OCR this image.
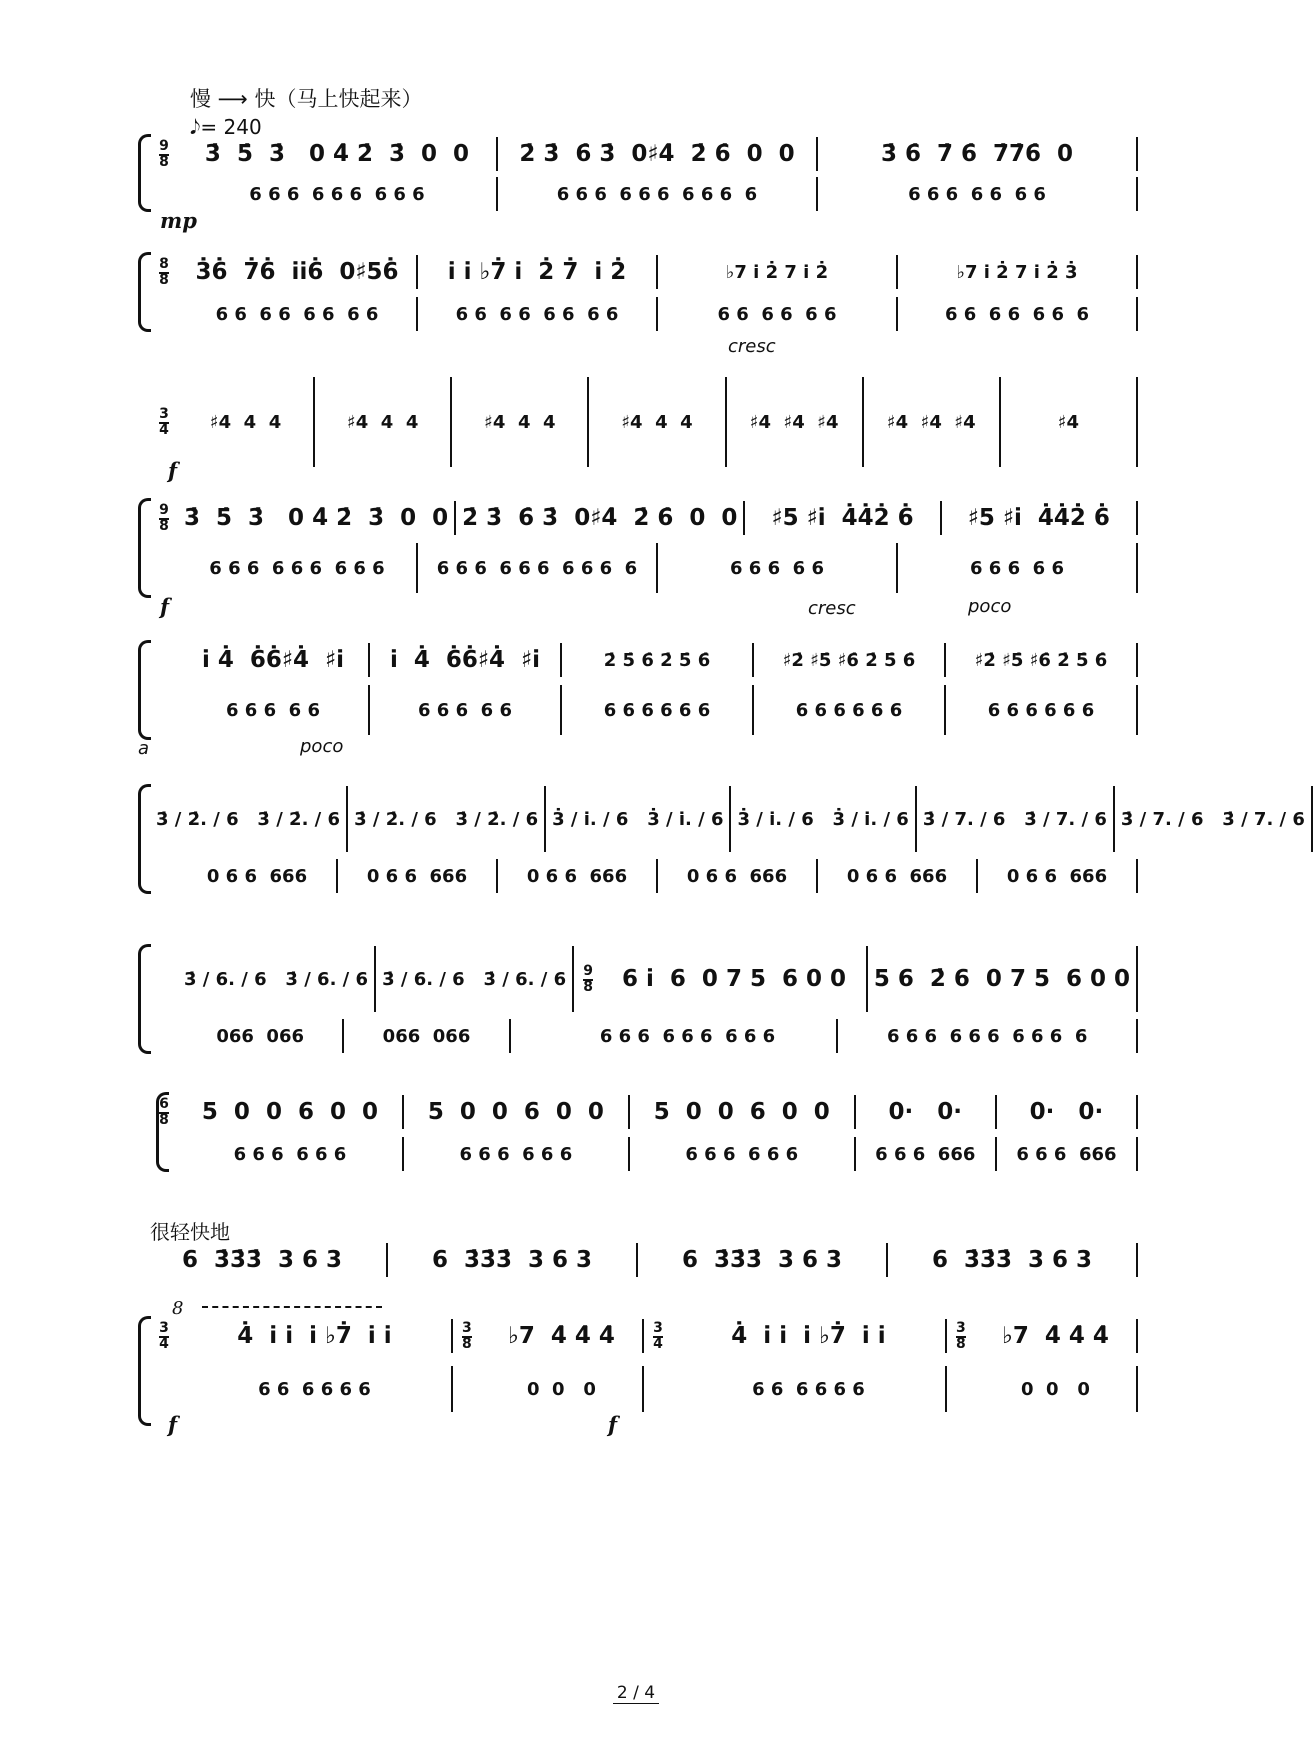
慢 ⟶ 快（马上快起来）
𝅘𝅥𝅮= 240
9
8 3̇  5̇  3̇   0 4̇ 2̇  3̇  0  0 2̇ 3̇  6̇ 3̇  0♯4̇  2̇ 6̇  0  0	3̇ 6̇  7̇ 6̇  7̇7̇6̇  0
6 6 6  6 6 6  6 6 6	6 6 6  6 6 6  6 6 6  6	6 6 6  6 6  6 6
mp
8
8 3̇6̇  7̇6̇  i̇i̇6̇  0♯56̇ i̇ i̇ ♭7̇ i̇  2̇ 7̇  i̇ 2̇	♭7 i̇ 2̇ 7 i̇ 2̇	♭7 i̇ 2̇ 7 i̇ 2̇ 3̇
6 6  6 6  6 6  6 6	6 6  6 6  6 6  6 6	6 6  6 6  6 6	6 6  6 6  6 6  6
cresc
3
4 ♯4  4  4	♯4  4  4	♯4  4  4	♯4  4  4	♯4  ♯4  ♯4	♯4  ♯4  ♯4	♯4
f
9
8 3̇  5̇  3̇   0 4̇ 2̇  3̇  0  0 2̇ 3̇  6̇ 3̇  0♯4̇  2̇ 6̇  0  0 ♯5 ♯i̇  4̇4̇2̇ 6̇ ♯5 ♯i̇  4̇4̇2̇ 6̇
6 6 6  6 6 6  6 6 6	6 6 6  6 6 6  6 6 6  6	6 6 6  6 6	6 6 6  6 6
f	cresc	poco
i̇ 4̇  6̇6̇♯4̇  ♯i̇ i̇  4̇  6̇6̇♯4̇  ♯i̇	2̇ 5̇ 6̇ 2̇ 5̇ 6̇	♯2̇ ♯5̇ ♯6̇ 2̇ 5̇ 6̇	♯2̇ ♯5̇ ♯6̇ 2̇ 5̇ 6̇
6 6 6  6 6	6 6 6  6 6	6 6 6 6 6 6	6 6 6 6 6 6	6 6 6 6 6 6
a	poco
3̇ / 2̇. / 6   3̇ / 2̇. / 6 3̇ / 2̇. / 6   3̇ / 2̇. / 6 3̇ / i̇. / 6   3̇ / i̇. / 6 3̇ / i̇. / 6   3̇ / i̇. / 6 3̇ / 7. / 6   3̇ / 7. / 6 3̇ / 7. / 6   3̇ / 7. / 6
0 6 6  666	0 6 6  666	0 6 6  666	0 6 6  666	0 6 6  666	0 6 6  666
3̇ / 6. / 6   3̇ / 6. / 6 3̇ / 6. / 6   3̇ / 6. / 6 9
8 6 i̇  6  0 7 5  6 0 0 5 6  2̇ 6  0 7 5  6 0 0
066  066	066  066	6 6 6  6 6 6  6 6 6	6 6 6  6 6 6  6 6 6  6
6
8 5  0  0  6  0  0 5  0  0  6  0  0 5  0  0  6  0  0	0·   0·	0·   0·
6 6 6  6 6 6	6 6 6  6 6 6	6 6 6  6 6 6	6 6 6  666 6 6 6  666
很轻快地
6  3̇3̇3̇  3 6 3	6  3̇3̇3̇  3 6 3	6  3̇3̇3̇  3 6 3	6  3̇3̇3̇  3 6 3
8
3
4	4̇  i̇ i̇  i̇ ♭7̇  i̇ i̇	3
8 ♭7  4̇ 4̇ 4̇	3
4	4̇  i̇ i̇  i̇ ♭7̇  i̇ i̇	3
8 ♭7  4̇ 4̇ 4̇
6 6  6 6 6 6	0  0   0	6 6  6 6 6 6	0  0   0
f	f
2 / 4
